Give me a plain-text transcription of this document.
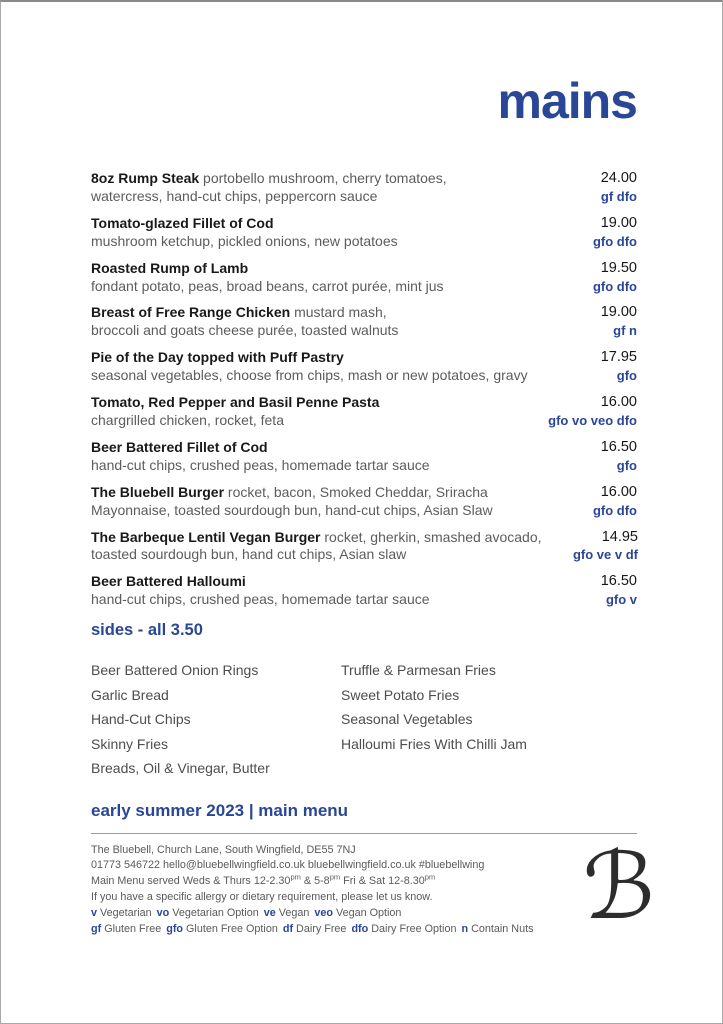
mains
8oz Rump Steak portobello mushroom, cherry tomatoes,
watercress, hand-cut chips, peppercorn sauce
24.00
gf dfo
Tomato-glazed Fillet of Cod
mushroom ketchup, pickled onions, new potatoes
19.00
gfo dfo
Roasted Rump of Lamb
fondant potato, peas, broad beans, carrot purée, mint jus
19.50
gfo dfo
Breast of Free Range Chicken mustard mash,
broccoli and goats cheese purée, toasted walnuts
19.00
gf n
Pie of the Day topped with Puff Pastry
seasonal vegetables, choose from chips, mash or new potatoes, gravy
17.95
gfo
Tomato, Red Pepper and Basil Penne Pasta
chargrilled chicken, rocket, feta
16.00
gfo vo veo dfo
Beer Battered Fillet of Cod
hand-cut chips, crushed peas, homemade tartar sauce
16.50
gfo
The Bluebell Burger rocket, bacon, Smoked Cheddar, Sriracha
Mayonnaise, toasted sourdough bun, hand-cut chips, Asian Slaw
16.00
gfo dfo
The Barbeque Lentil Vegan Burger rocket, gherkin, smashed avocado,
toasted sourdough bun, hand cut chips, Asian slaw
14.95
gfo ve v df
Beer Battered Halloumi
hand-cut chips, crushed peas, homemade tartar sauce
16.50
gfo v
sides - all 3.50
Beer Battered Onion Rings
Garlic Bread
Hand-Cut Chips
Skinny Fries
Breads, Oil & Vinegar, Butter
Truffle & Parmesan Fries
Sweet Potato Fries
Seasonal Vegetables
Halloumi Fries With Chilli Jam
early summer 2023 | main menu
The Bluebell, Church Lane, South Wingfield, DE55 7NJ
01773 546722 hello@bluebellwingfield.co.uk bluebellwingfield.co.uk #bluebellwing
Main Menu served Weds & Thurs $12-2.30^{pm}$ & $5-8^{pm}$ Fri & Sat $12-8.30^{pm}$
If you have a specific allergy or dietary requirement, please let us know.
v Vegetarian vo Vegetarian Option ve Vegan veo Vegan Option
gf Gluten Free gfo Gluten Free Option df Dairy Free dfo Dairy Free Option n Contain Nuts ℬ
